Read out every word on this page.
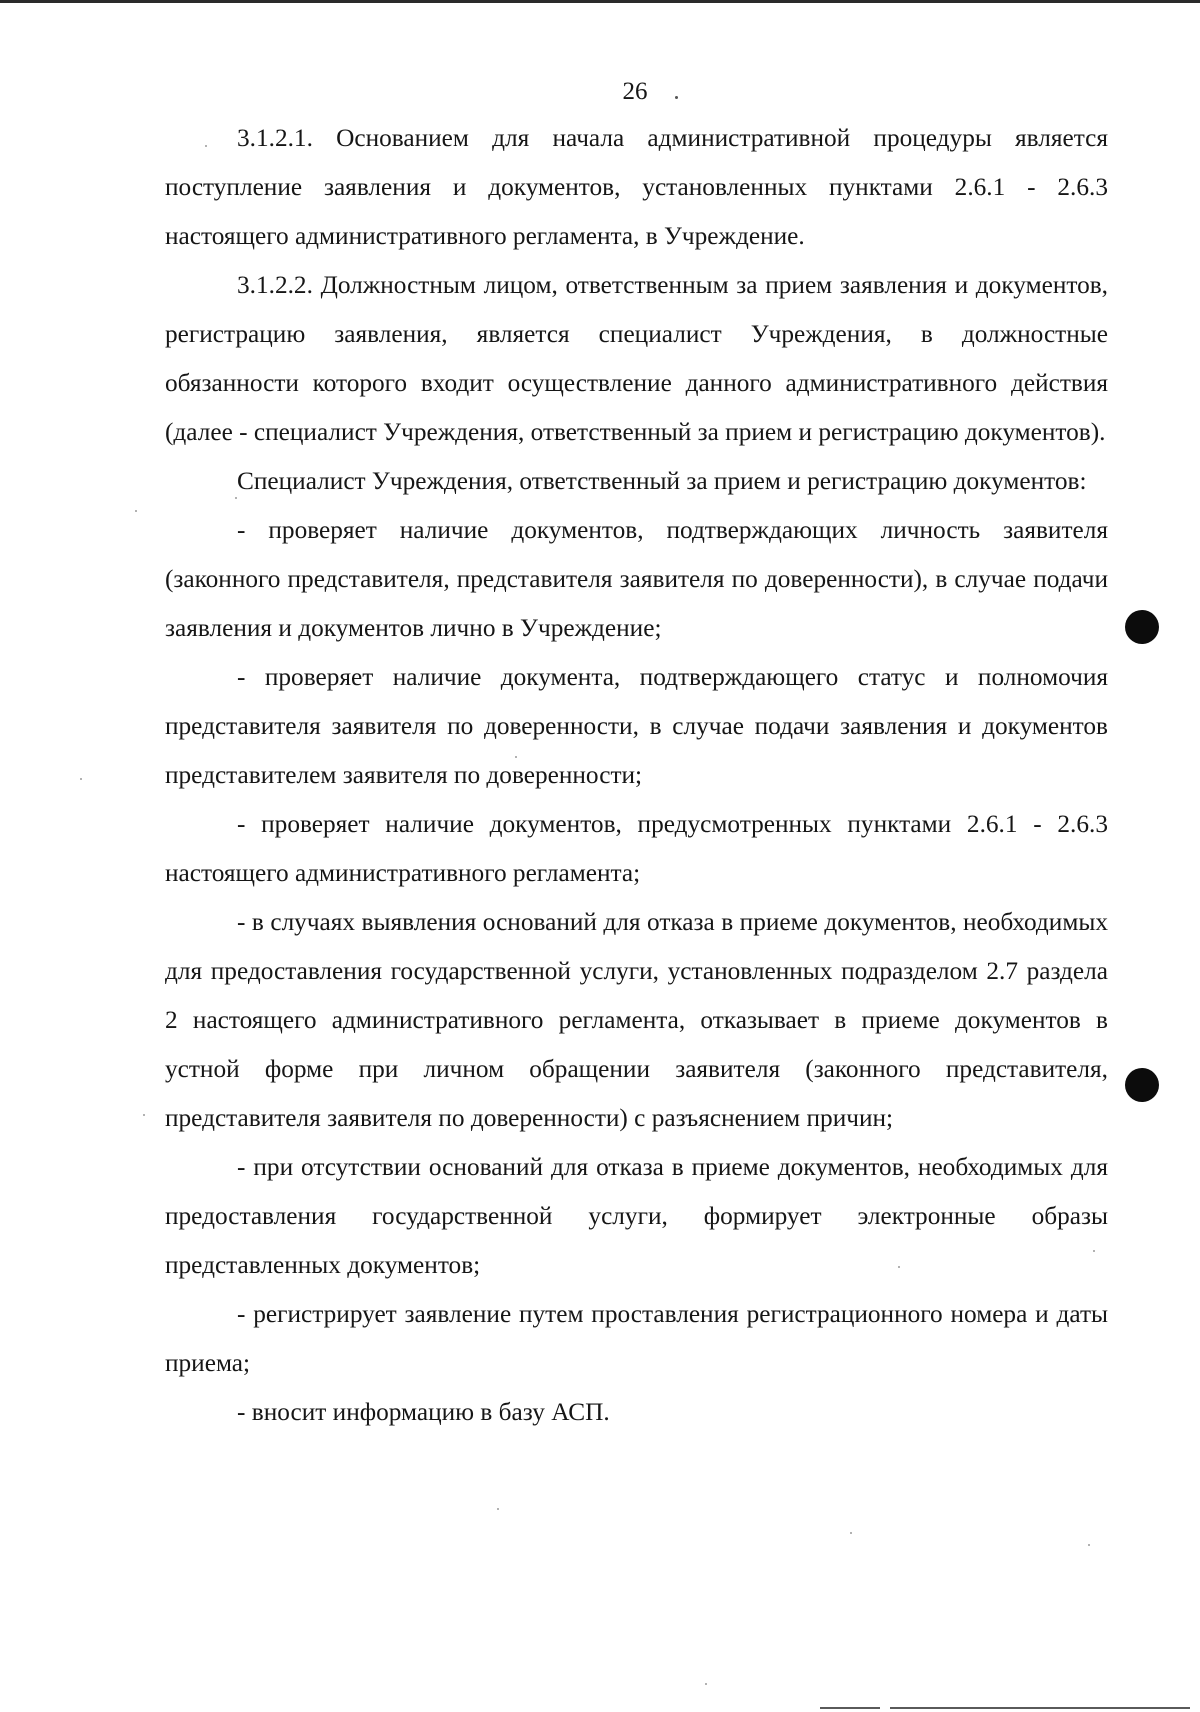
26

3.1.2.1. Основанием для начала административной процедуры является поступление заявления и документов, установленных пунктами 2.6.1 - 2.6.3 настоящего административного регламента, в Учреждение.

3.1.2.2. Должностным лицом, ответственным за прием заявления и документов, регистрацию заявления, является специалист Учреждения, в должностные обязанности которого входит осуществление данного административного действия (далее - специалист Учреждения, ответственный за прием и регистрацию документов).

Специалист Учреждения, ответственный за прием и регистрацию документов:

- проверяет наличие документов, подтверждающих личность заявителя (законного представителя, представителя заявителя по доверенности), в случае подачи заявления и документов лично в Учреждение;

- проверяет наличие документа, подтверждающего статус и полномочия представителя заявителя по доверенности, в случае подачи заявления и документов представителем заявителя по доверенности;

- проверяет наличие документов, предусмотренных пунктами 2.6.1 - 2.6.3 настоящего административного регламента;

- в случаях выявления оснований для отказа в приеме документов, необходимых для предоставления государственной услуги, установленных подразделом 2.7 раздела 2 настоящего административного регламента, отказывает в приеме документов в устной форме при личном обращении заявителя (законного представителя, представителя заявителя по доверенности) с разъяснением причин;

- при отсутствии оснований для отказа в приеме документов, необходимых для предоставления государственной услуги, формирует электронные образы представленных документов;

- регистрирует заявление путем проставления регистрационного номера и даты приема;

- вносит информацию в базу АСП.
